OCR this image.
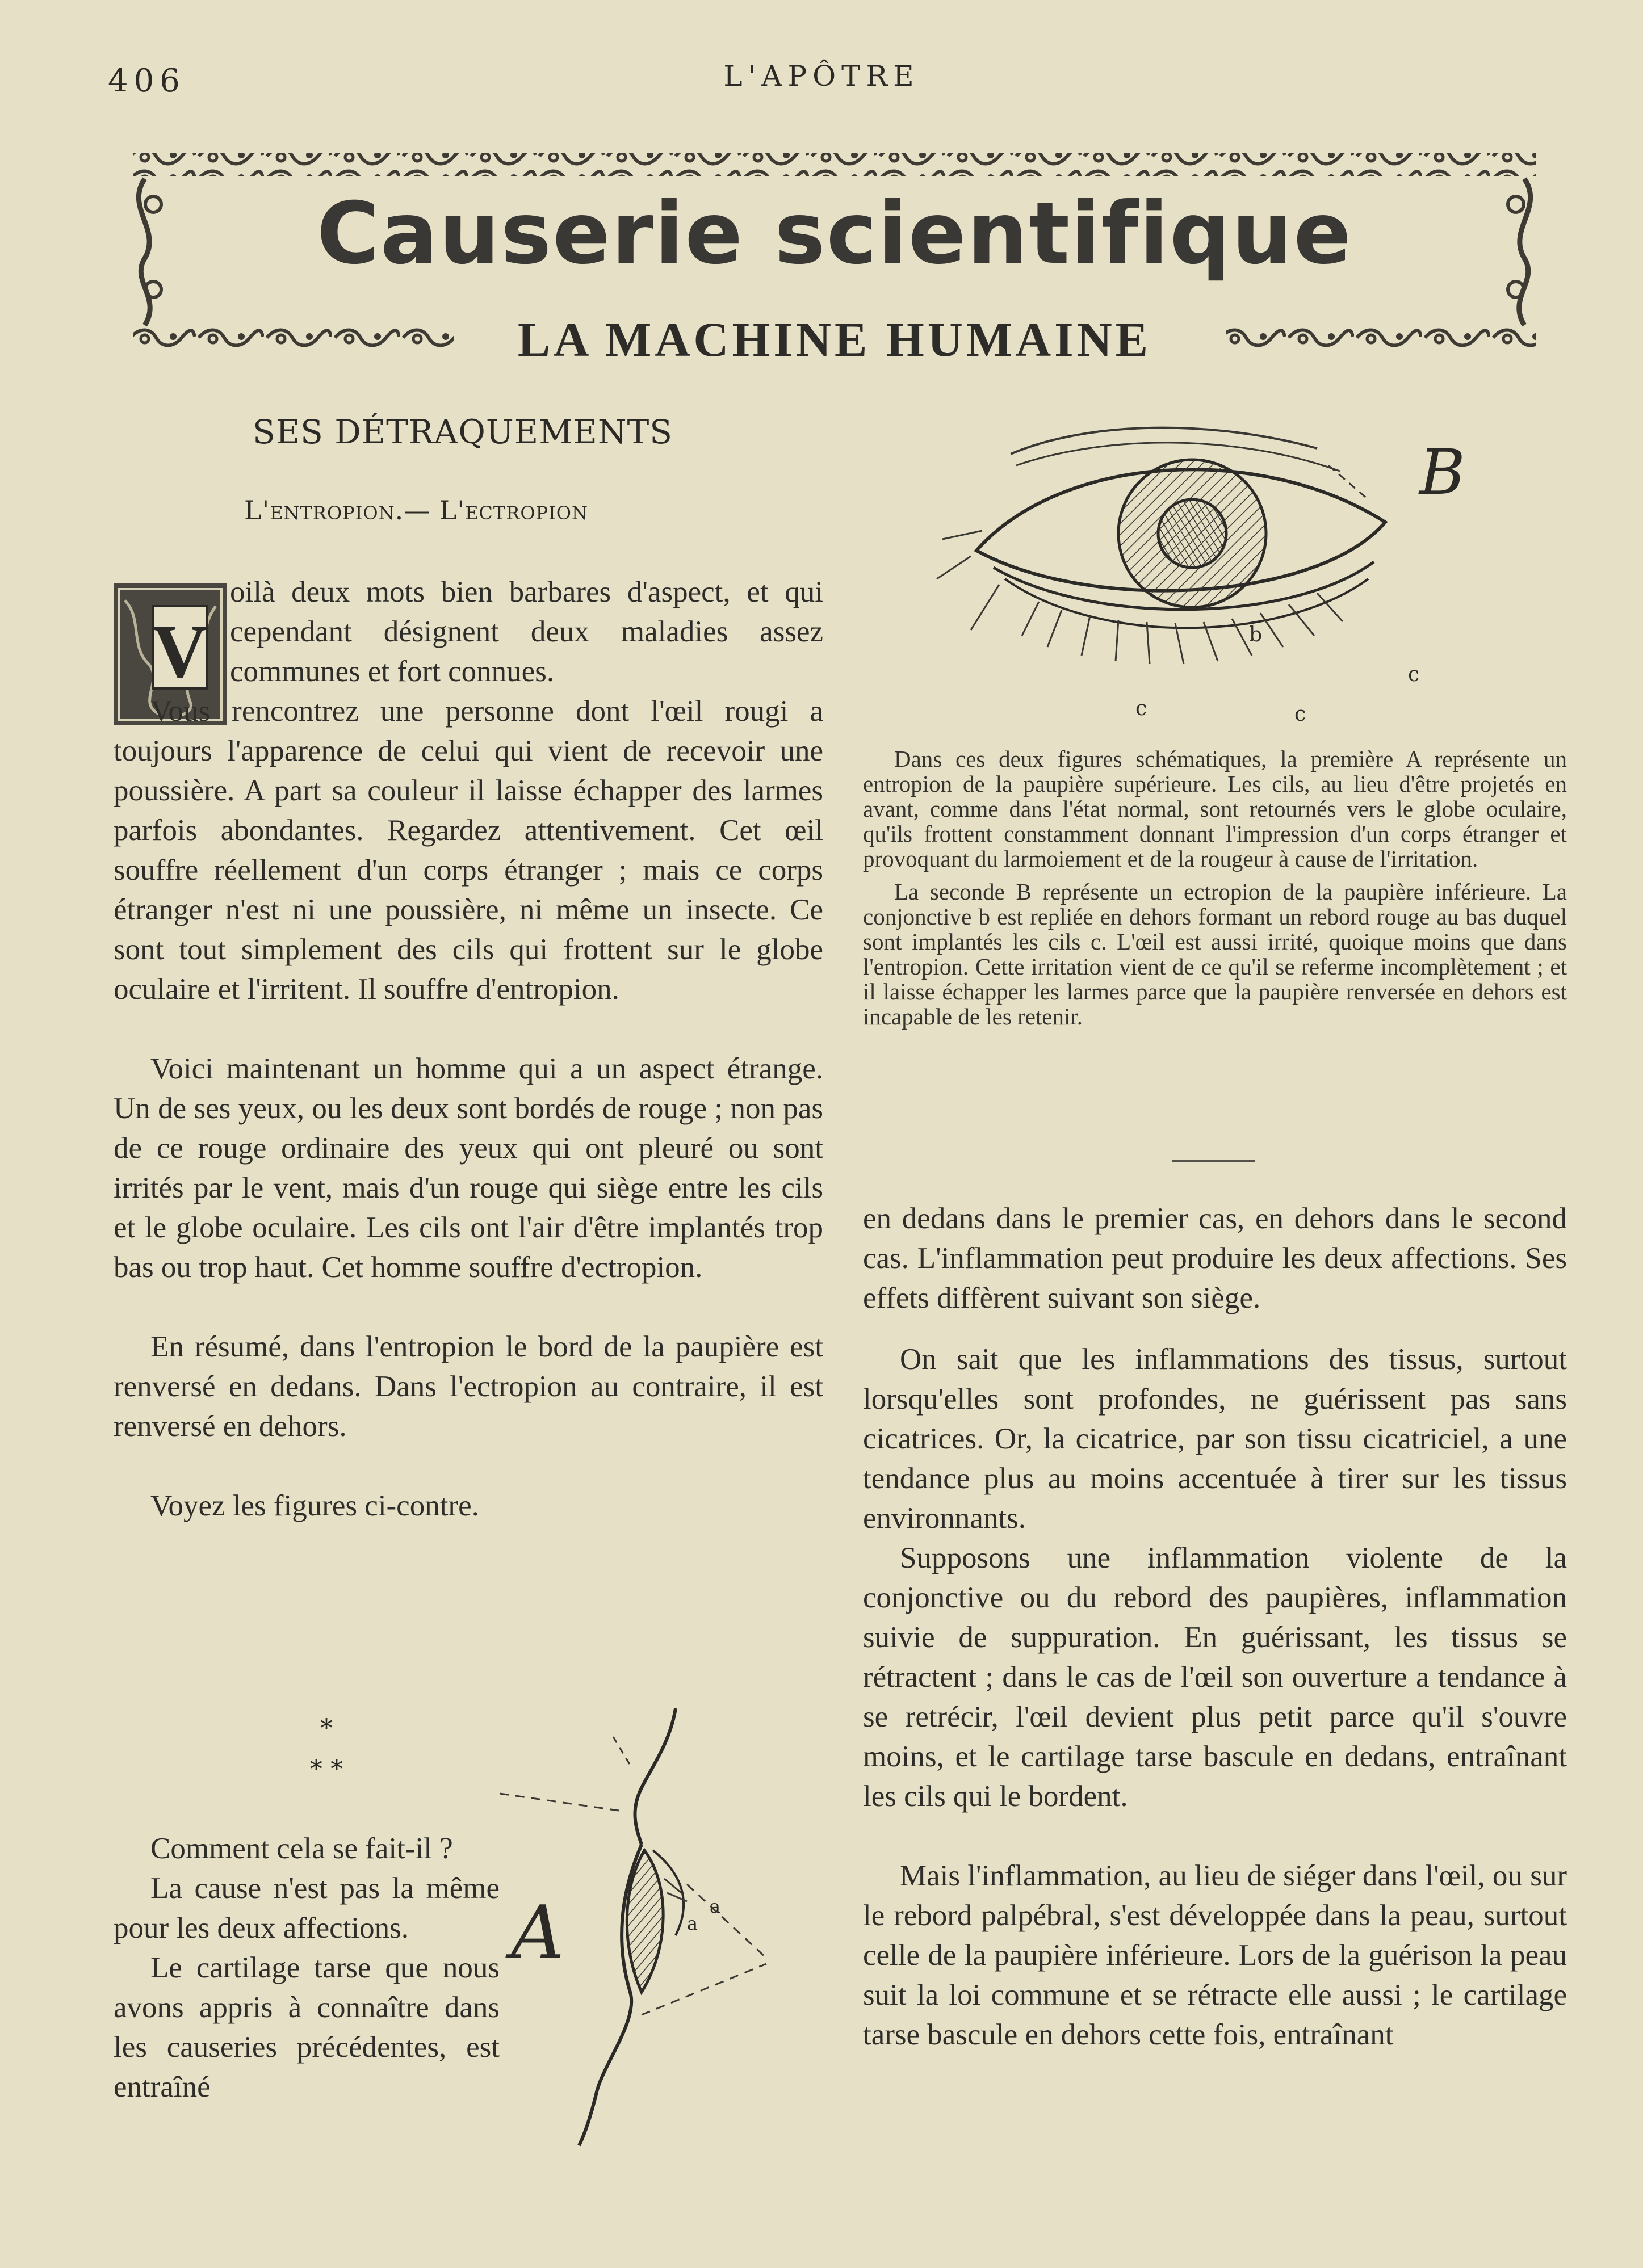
406	L'APÔTRE
Causerie scientifique
LA MACHINE HUMAINE
SES DÉTRAQUEMENTS
L'entropion.— L'ectropion
V

oilà deux mots bien barbares d'aspect, et qui cependant désignent deux maladies assez communes et fort connues.

Vous rencontrez une personne dont l'œil rougi a toujours l'apparence de celui qui vient de recevoir une poussière. A part sa couleur il laisse échapper des larmes parfois abondantes. Regardez attentivement. Cet œil souffre réellement d'un corps étranger ; mais ce corps étranger n'est ni une poussière, ni même un insecte. Ce sont tout simplement des cils qui frottent sur le globe oculaire et l'irritent. Il souffre d'entropion.

Voici maintenant un homme qui a un aspect étrange. Un de ses yeux, ou les deux sont bordés de rouge ; non pas de ce rouge ordinaire des yeux qui ont pleuré ou sont irrités par le vent, mais d'un rouge qui siège entre les cils et le globe oculaire. Les cils ont l'air d'être implantés trop bas ou trop haut. Cet homme souffre d'ectropion.

En résumé, dans l'entropion le bord de la paupière est renversé en dedans. Dans l'ectropion au contraire, il est renversé en dehors.

Voyez les figures ci-contre.

*
* *

Comment cela se fait-il ?

La cause n'est pas la même pour les deux affections.

Le cartilage tarse que nous avons appris à connaître dans les causeries précédentes, est entraîné

B
b
c	c
c

Dans ces deux figures schématiques, la première A représente un entropion de la paupière supérieure. Les cils, au lieu d'être projetés en avant, comme dans l'état normal, sont retournés vers le globe oculaire, qu'ils frottent constamment donnant l'impression d'un corps étranger et provoquant du larmoiement et de la rougeur à cause de l'irritation.

La seconde B représente un ectropion de la paupière inférieure. La conjonctive b est repliée en dehors formant un rebord rouge au bas duquel sont implantés les cils c. L'œil est aussi irrité, quoique moins que dans l'entropion. Cette irritation vient de ce qu'il se referme incomplètement ; et il laisse échapper les larmes parce que la paupière renversée en dehors est incapable de les retenir.

en dedans dans le premier cas, en dehors dans le second cas. L'inflammation peut produire les deux affections. Ses effets diffèrent suivant son siège.

On sait que les inflammations des tissus, surtout lorsqu'elles sont profondes, ne guérissent pas sans cicatrices. Or, la cicatrice, par son tissu cicatriciel, a une tendance plus au moins accentuée à tirer sur les tissus environnants.

Supposons une inflammation violente de la conjonctive ou du rebord des paupières, inflammation suivie de suppuration. En guérissant, les tissus se rétractent ; dans le cas de l'œil son ouverture a tendance à se retrécir, l'œil devient plus petit parce qu'il s'ouvre moins, et le cartilage tarse bascule en dedans, entraînant les cils qui le bordent.

Mais l'inflammation, au lieu de siéger dans l'œil, ou sur le rebord palpébral, s'est développée dans la peau, surtout celle de la paupière inférieure. Lors de la guérison la peau suit la loi commune et se rétracte elle aussi ; le cartilage tarse bascule en dehors cette fois, entraînant

A	a
a
